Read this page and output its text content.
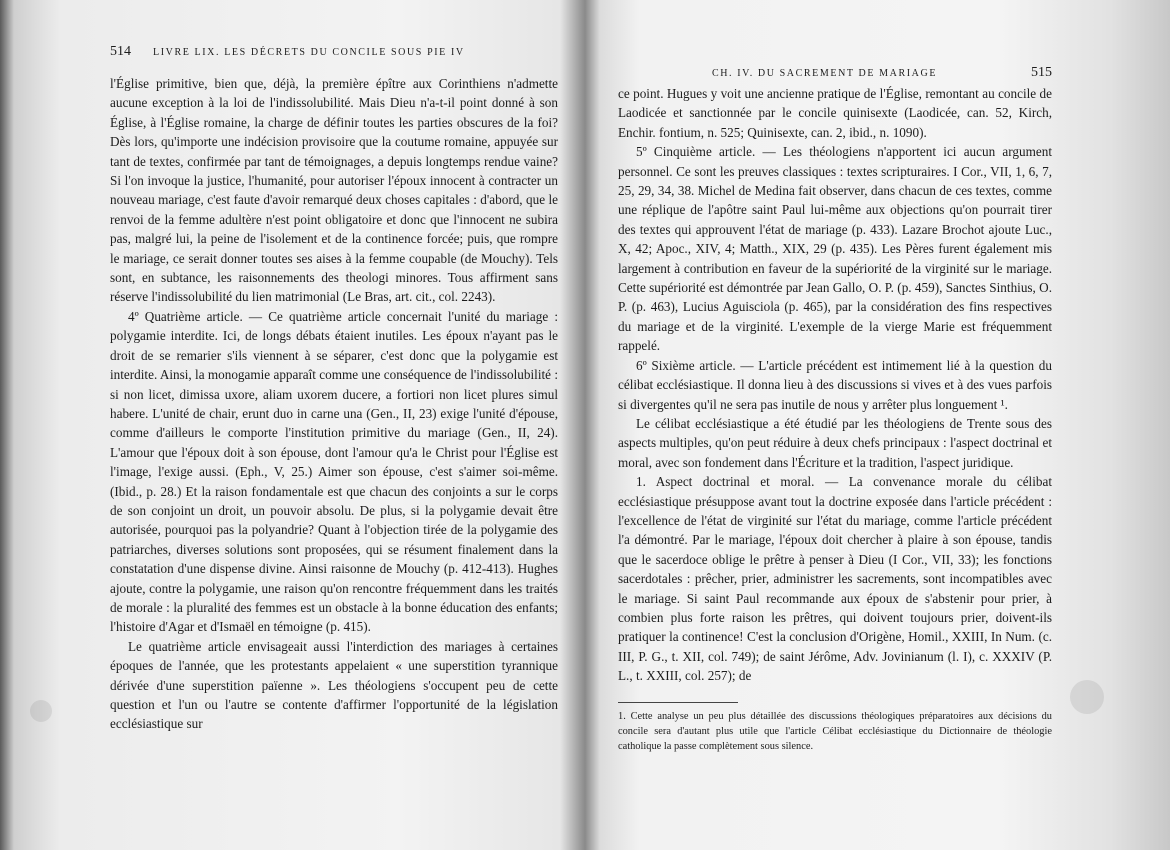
514 LIVRE LIX. LES DÉCRETS DU CONCILE SOUS PIE IV

l'Église primitive, bien que, déjà, la première épître aux Corinthiens n'admette aucune exception à la loi de l'indissolubilité. Mais Dieu n'a-t-il point donné à son Église, à l'Église romaine, la charge de définir toutes les parties obscures de la foi? Dès lors, qu'importe une indécision provisoire que la coutume romaine, appuyée sur tant de textes, confirmée par tant de témoignages, a depuis longtemps rendue vaine? Si l'on invoque la justice, l'humanité, pour autoriser l'époux innocent à contracter un nouveau mariage, c'est faute d'avoir remarqué deux choses capitales : d'abord, que le renvoi de la femme adultère n'est point obligatoire et donc que l'innocent ne subira pas, malgré lui, la peine de l'isolement et de la continence forcée; puis, que rompre le mariage, ce serait donner toutes ses aises à la femme coupable (de Mouchy). Tels sont, en subtance, les raisonnements des theologi minores. Tous affirment sans réserve l'indissolubilité du lien matrimonial (Le Bras, art. cit., col. 2243).

4º Quatrième article. — Ce quatrième article concernait l'unité du mariage : polygamie interdite. Ici, de longs débats étaient inutiles. Les époux n'ayant pas le droit de se remarier s'ils viennent à se séparer, c'est donc que la polygamie est interdite. Ainsi, la monogamie apparaît comme une conséquence de l'indissolubilité : si non licet, dimissa uxore, aliam uxorem ducere, a fortiori non licet plures simul habere. L'unité de chair, erunt duo in carne una (Gen., II, 23) exige l'unité d'épouse, comme d'ailleurs le comporte l'institution primitive du mariage (Gen., II, 24). L'amour que l'époux doit à son épouse, dont l'amour qu'a le Christ pour l'Église est l'image, l'exige aussi. (Eph., V, 25.) Aimer son épouse, c'est s'aimer soi-même. (Ibid., p. 28.) Et la raison fondamentale est que chacun des conjoints a sur le corps de son conjoint un droit, un pouvoir absolu. De plus, si la polygamie devait être autorisée, pourquoi pas la polyandrie? Quant à l'objection tirée de la polygamie des patriarches, diverses solutions sont proposées, qui se résument finalement dans la constatation d'une dispense divine. Ainsi raisonne de Mouchy (p. 412-413). Hughes ajoute, contre la polygamie, une raison qu'on rencontre fréquemment dans les traités de morale : la pluralité des femmes est un obstacle à la bonne éducation des enfants; l'histoire d'Agar et d'Ismaël en témoigne (p. 415).

Le quatrième article envisageait aussi l'interdiction des mariages à certaines époques de l'année, que les protestants appelaient « une superstition tyrannique dérivée d'une superstition païenne ». Les théologiens s'occupent peu de cette question et l'un ou l'autre se contente d'affirmer l'opportunité de la législation ecclésiastique sur

CH. IV. DU SACREMENT DE MARIAGE	515

ce point. Hugues y voit une ancienne pratique de l'Église, remontant au concile de Laodicée et sanctionnée par le concile quinisexte (Laodicée, can. 52, Kirch, Enchir. fontium, n. 525; Quinisexte, can. 2, ibid., n. 1090).

5º Cinquième article. — Les théologiens n'apportent ici aucun argument personnel. Ce sont les preuves classiques : textes scripturaires. I Cor., VII, 1, 6, 7, 25, 29, 34, 38. Michel de Medina fait observer, dans chacun de ces textes, comme une réplique de l'apôtre saint Paul lui-même aux objections qu'on pourrait tirer des textes qui approuvent l'état de mariage (p. 433). Lazare Brochot ajoute Luc., X, 42; Apoc., XIV, 4; Matth., XIX, 29 (p. 435). Les Pères furent également mis largement à contribution en faveur de la supériorité de la virginité sur le mariage. Cette supériorité est démontrée par Jean Gallo, O. P. (p. 459), Sanctes Sinthius, O. P. (p. 463), Lucius Aguisciola (p. 465), par la considération des fins respectives du mariage et de la virginité. L'exemple de la vierge Marie est fréquemment rappelé.

6º Sixième article. — L'article précédent est intimement lié à la question du célibat ecclésiastique. Il donna lieu à des discussions si vives et à des vues parfois si divergentes qu'il ne sera pas inutile de nous y arrêter plus longuement ¹.

Le célibat ecclésiastique a été étudié par les théologiens de Trente sous des aspects multiples, qu'on peut réduire à deux chefs principaux : l'aspect doctrinal et moral, avec son fondement dans l'Écriture et la tradition, l'aspect juridique.

1. Aspect doctrinal et moral. — La convenance morale du célibat ecclésiastique présuppose avant tout la doctrine exposée dans l'article précédent : l'excellence de l'état de virginité sur l'état du mariage, comme l'article précédent l'a démontré. Par le mariage, l'époux doit chercher à plaire à son épouse, tandis que le sacerdoce oblige le prêtre à penser à Dieu (I Cor., VII, 33); les fonctions sacerdotales : prêcher, prier, administrer les sacrements, sont incompatibles avec le mariage. Si saint Paul recommande aux époux de s'abstenir pour prier, à combien plus forte raison les prêtres, qui doivent toujours prier, doivent-ils pratiquer la continence! C'est la conclusion d'Origène, Homil., XXIII, In Num. (c. III, P. G., t. XII, col. 749); de saint Jérôme, Adv. Jovinianum (l. I), c. XXXIV (P. L., t. XXIII, col. 257); de

1. Cette analyse un peu plus détaillée des discussions théologiques préparatoires aux décisions du concile sera d'autant plus utile que l'article Célibat ecclésiastique du Dictionnaire de théologie catholique la passe complètement sous silence.
